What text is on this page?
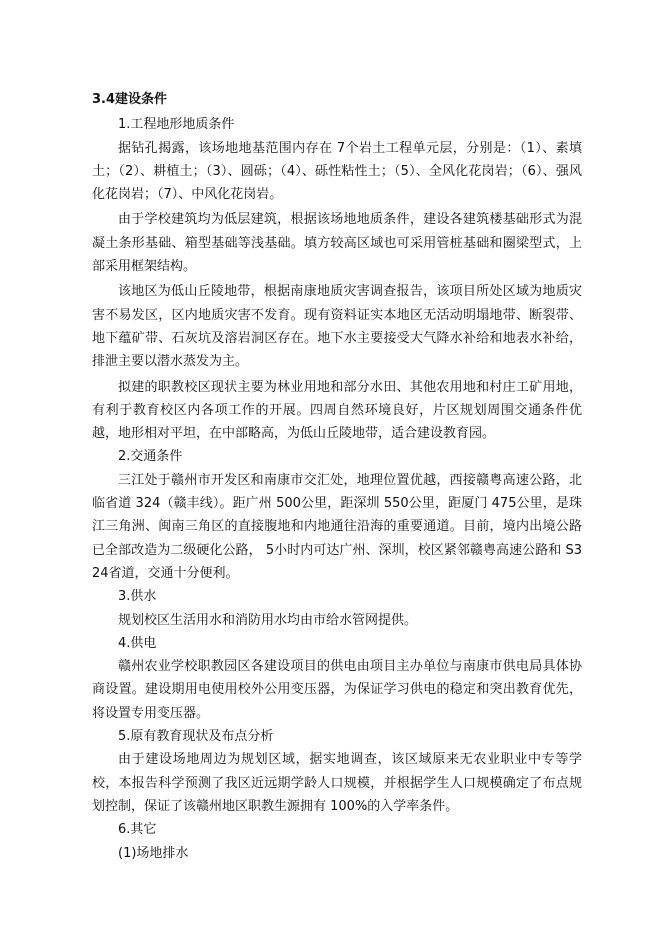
3.4建设条件
1.工程地形地质条件

据钻孔揭露，该场地地基范围内存在 7个岩土工程单元层，分别是：（1）、素填土；（2）、耕植土；（3）、圆砾；（4）、砾性粘性土；（5）、全风化花岗岩；（6）、强风化花岗岩；（7）、中风化花岗岩。

由于学校建筑均为低层建筑，根据该场地地质条件，建设各建筑楼基础形式为混凝土条形基础、箱型基础等浅基础。填方较高区域也可采用管桩基础和圈梁型式，上部采用框架结构。

该地区为低山丘陵地带，根据南康地质灾害调查报告，该项目所处区域为地质灾害不易发区，区内地质灾害不发育。现有资料证实本地区无活动明塌地带、断裂带、地下蕴矿带、石灰坑及溶岩洞区存在。地下水主要接受大气降水补给和地表水补给，排泄主要以潜水蒸发为主。

拟建的职教校区现状主要为林业用地和部分水田、其他农用地和村庄工矿用地，有利于教育校区内各项工作的开展。四周自然环境良好，片区规划周围交通条件优越，地形相对平坦，在中部略高，为低山丘陵地带，适合建设教育园。

2.交通条件

三江处于赣州市开发区和南康市交汇处，地理位置优越，西接赣粤高速公路，北临省道 324（赣丰线）。距广州 500公里，距深圳 550公里，距厦门 475公里，是珠江三角洲、闽南三角区的直接腹地和内地通往沿海的重要通道。目前，境内出境公路已全部改造为二级硬化公路， 5小时内可达广州、深圳，校区紧邻赣粤高速公路和 S324省道，交通十分便利。

3.供水

规划校区生活用水和消防用水均由市给水管网提供。

4.供电

赣州农业学校职教园区各建设项目的供电由项目主办单位与南康市供电局具体协商设置。建设期用电使用校外公用变压器，为保证学习供电的稳定和突出教育优先，将设置专用变压器。

5.原有教育现状及布点分析

由于建设场地周边为规划区域，据实地调查，该区域原来无农业职业中专等学校，本报告科学预测了我区近远期学龄人口规模，并根据学生人口规模确定了布点规划控制，保证了该赣州地区职教生源拥有 100%的入学率条件。

6.其它
(1)场地排水
